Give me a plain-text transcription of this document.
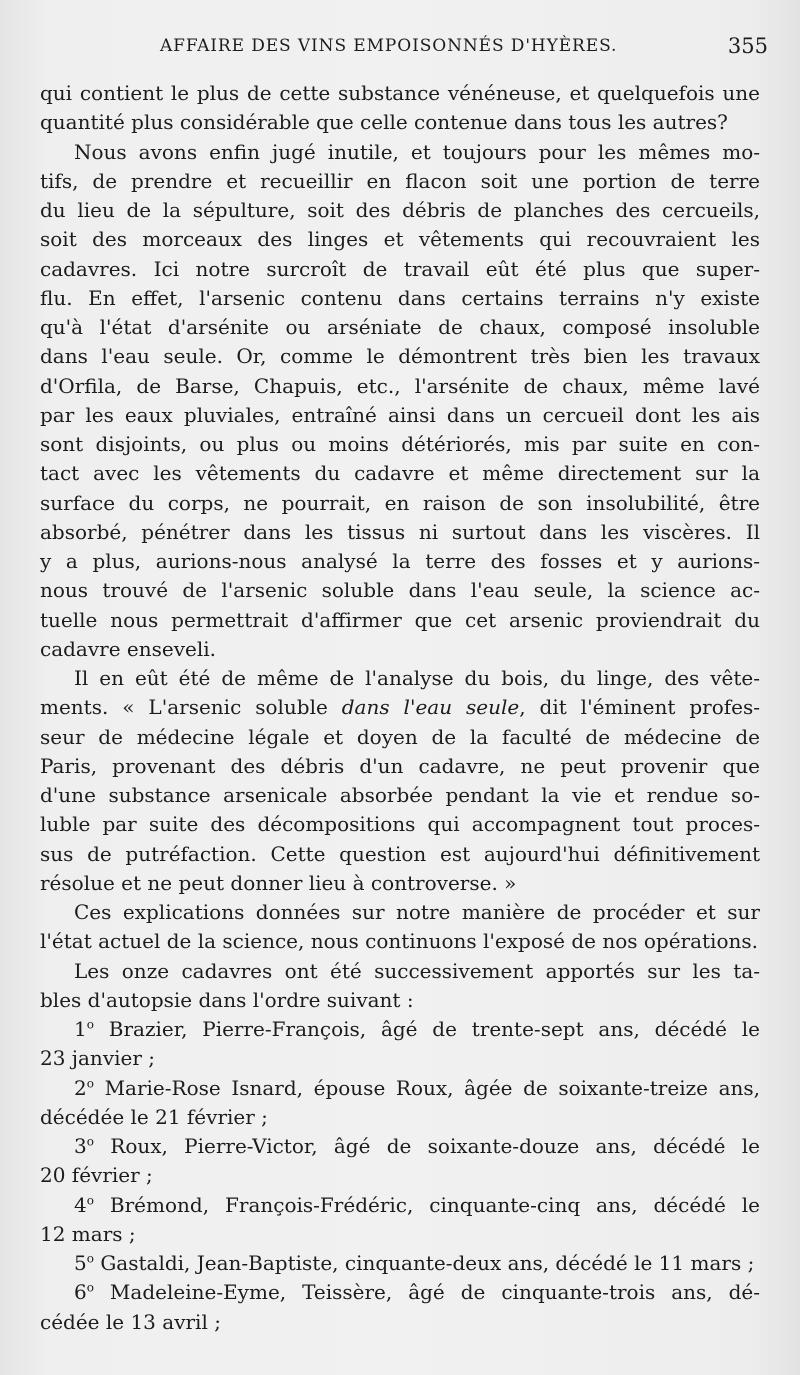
AFFAIRE DES VINS EMPOISONNÉS D'HYÈRES.	355

qui contient le plus de cette substance vénéneuse, et quelquefois une
quantité plus considérable que celle contenue dans tous les autres?

Nous avons enfin jugé inutile, et toujours pour les mêmes mo-
tifs, de prendre et recueillir en flacon soit une portion de terre
du lieu de la sépulture, soit des débris de planches des cercueils,
soit des morceaux des linges et vêtements qui recouvraient les
cadavres. Ici notre surcroît de travail eût été plus que super-
flu. En effet, l'arsenic contenu dans certains terrains n'y existe
qu'à l'état d'arsénite ou arséniate de chaux, composé insoluble
dans l'eau seule. Or, comme le démontrent très bien les travaux
d'Orfila, de Barse, Chapuis, etc., l'arsénite de chaux, même lavé
par les eaux pluviales, entraîné ainsi dans un cercueil dont les ais
sont disjoints, ou plus ou moins détériorés, mis par suite en con-
tact avec les vêtements du cadavre et même directement sur la
surface du corps, ne pourrait, en raison de son insolubilité, être
absorbé, pénétrer dans les tissus ni surtout dans les viscères. Il
y a plus, aurions-nous analysé la terre des fosses et y aurions-
nous trouvé de l'arsenic soluble dans l'eau seule, la science ac-
tuelle nous permettrait d'affirmer que cet arsenic proviendrait du
cadavre enseveli.

Il en eût été de même de l'analyse du bois, du linge, des vête-
ments. « L'arsenic soluble dans l'eau seule, dit l'éminent profes-
seur de médecine légale et doyen de la faculté de médecine de
Paris, provenant des débris d'un cadavre, ne peut provenir que
d'une substance arsenicale absorbée pendant la vie et rendue so-
luble par suite des décompositions qui accompagnent tout proces-
sus de putréfaction. Cette question est aujourd'hui définitivement
résolue et ne peut donner lieu à controverse. »

Ces explications données sur notre manière de procéder et sur
l'état actuel de la science, nous continuons l'exposé de nos opérations.

Les onze cadavres ont été successivement apportés sur les ta-
bles d'autopsie dans l'ordre suivant :

1$^o$ Brazier, Pierre-François, âgé de trente-sept ans, décédé le
23 janvier ;

2$^o$ Marie-Rose Isnard, épouse Roux, âgée de soixante-treize ans,
décédée le 21 février ;

3$^o$ Roux, Pierre-Victor, âgé de soixante-douze ans, décédé le
20 février ;

4$^o$ Brémond, François-Frédéric, cinquante-cinq ans, décédé le
12 mars ;

5$^o$ Gastaldi, Jean-Baptiste, cinquante-deux ans, décédé le 11 mars ;

6$^o$ Madeleine-Eyme, Teissère, âgé de cinquante-trois ans, dé-
cédée le 13 avril ;
